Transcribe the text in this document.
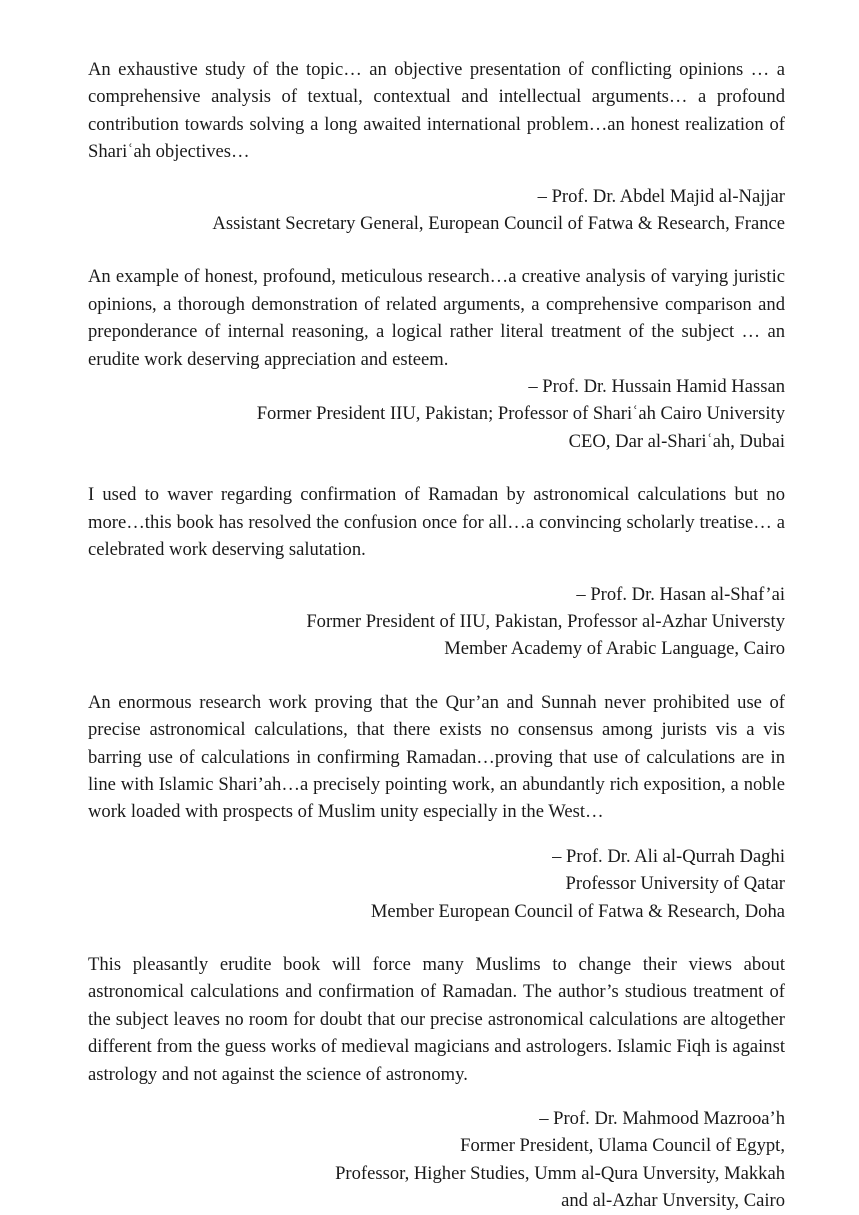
An exhaustive study of the topic… an objective presentation of conflicting opinions … a comprehensive analysis of textual, contextual and intellectual arguments… a profound contribution towards solving a long awaited international problem…an honest realization of Shariʿah objectives…

– Prof. Dr. Abdel Majid al-Najjar
Assistant Secretary General, European Council of Fatwa & Research, France

An example of honest, profound, meticulous research…a creative analysis of varying juristic opinions, a thorough demonstration of related arguments, a comprehensive comparison and preponderance of internal reasoning, a logical rather literal treatment of the subject … an erudite work deserving appreciation and esteem.

– Prof. Dr. Hussain Hamid Hassan
Former President IIU, Pakistan; Professor of Shariʿah Cairo University
CEO, Dar al-Shariʿah, Dubai

I used to waver regarding confirmation of Ramadan by astronomical calculations but no more…this book has resolved the confusion once for all…a convincing scholarly treatise… a celebrated work deserving salutation.

– Prof. Dr. Hasan al-Shaf’ai
Former President of IIU, Pakistan, Professor al-Azhar Universty
Member Academy of Arabic Language, Cairo

An enormous research work proving that the Qur’an and Sunnah never prohibited use of precise astronomical calculations, that there exists no consensus among jurists vis a vis barring use of calculations in confirming Ramadan…proving that use of calculations are in line with Islamic Shari’ah…a precisely pointing work, an abundantly rich exposition, a noble work loaded with prospects of Muslim unity especially in the West…

– Prof. Dr. Ali al-Qurrah Daghi
Professor University of Qatar
Member European Council of Fatwa & Research, Doha

This pleasantly erudite book will force many Muslims to change their views about astronomical calculations and confirmation of Ramadan. The author’s studious treatment of the subject leaves no room for doubt that our precise astronomical calculations are altogether different from the guess works of medieval magicians and astrologers. Islamic Fiqh is against astrology and not against the science of astronomy.

– Prof. Dr. Mahmood Mazrooa’h
Former President, Ulama Council of Egypt,
Professor, Higher Studies, Umm al-Qura Unversity, Makkah
and al-Azhar Unversity, Cairo
